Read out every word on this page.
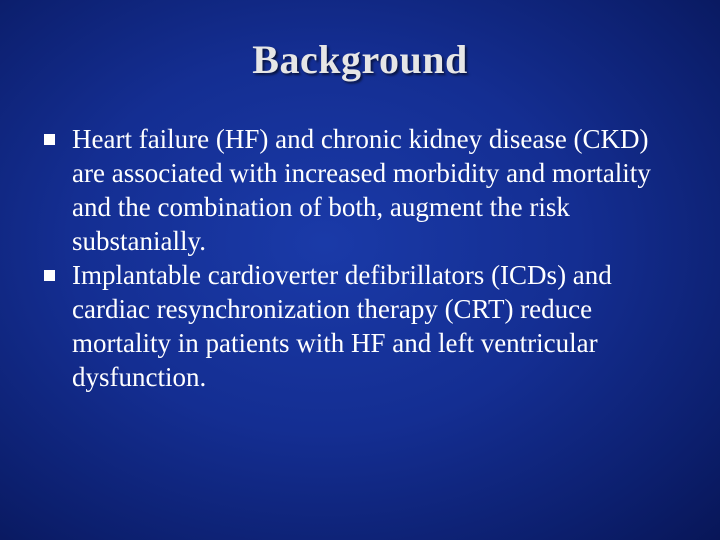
Background
Heart failure (HF) and chronic kidney disease (CKD) are associated with increased morbidity and mortality and the combination of both, augment the risk substanially.
Implantable cardioverter defibrillators (ICDs) and cardiac resynchronization therapy (CRT) reduce mortality in patients with HF and left ventricular dysfunction.
